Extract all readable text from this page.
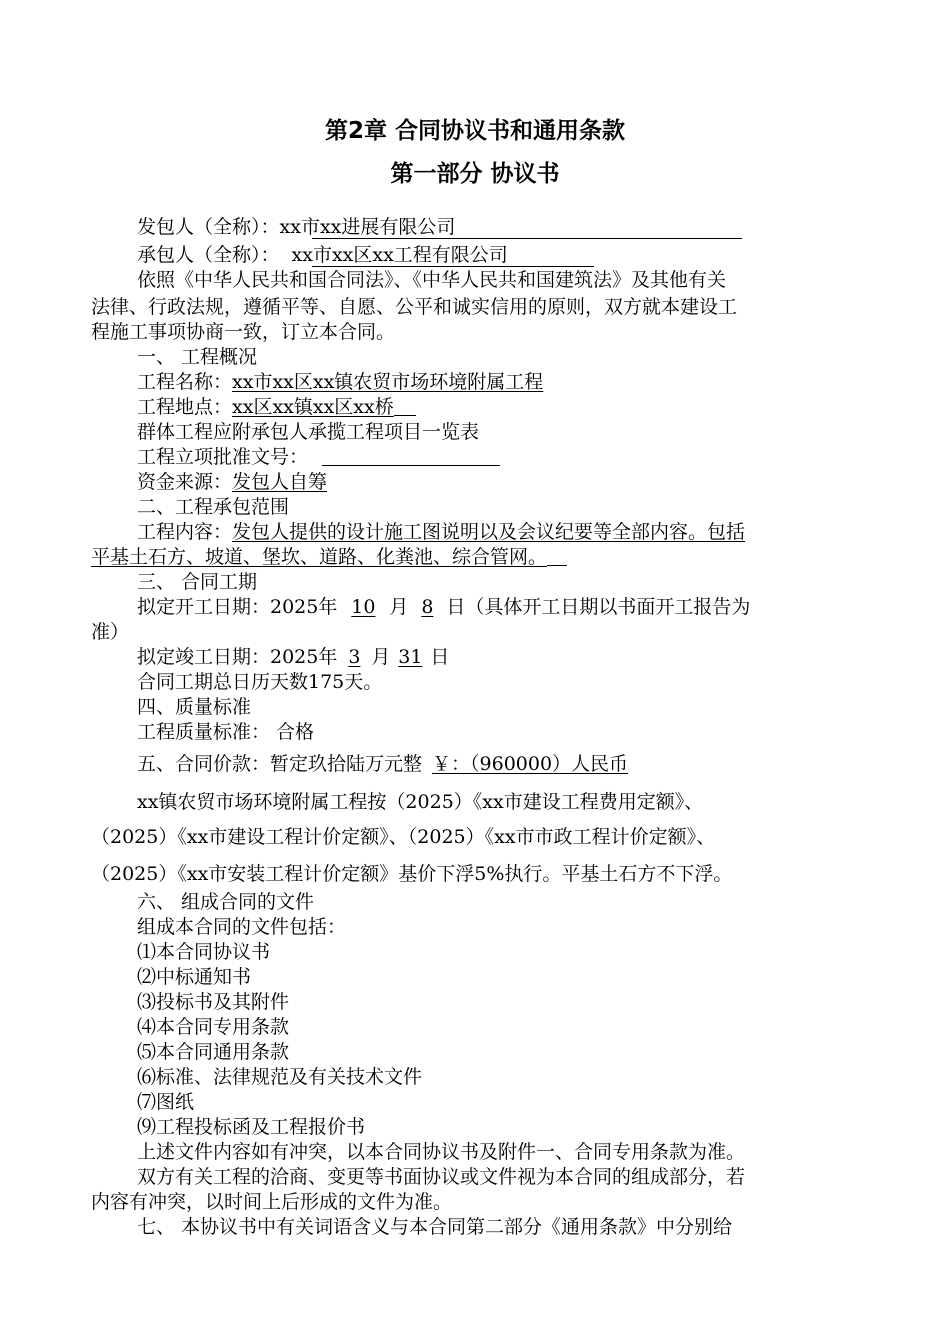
第2章 合同协议书和通用条款
第一部分 协议书
发包人（全称）：xx市xx进展有限公司
承包人（全称）： xx市xx区xx工程有限公司
依照《中华人民共和国合同法》、《中华人民共和国建筑法》及其他有关
法律、行政法规，遵循平等、自愿、公平和诚实信用的原则，双方就本建设工
程施工事项协商一致，订立本合同。
一、 工程概况
工程名称：xx市xx区xx镇农贸市场环境附属工程
工程地点：xx区xx镇xx区xx桥
群体工程应附承包人承揽工程项目一览表
工程立项批准文号：
资金来源：发包人自筹
二、工程承包范围
工程内容：发包人提供的设计施工图说明以及会议纪要等全部内容。包括
平基土石方、坡道、堡坎、道路、化粪池、综合管网。
三、 合同工期
拟定开工日期：2025年 10 月 8 日（具体开工日期以书面开工报告为
准）
拟定竣工日期：2025年 3 月 31 日
合同工期总日历天数175天。
四、质量标准
工程质量标准： 合格
五、合同价款：暂定玖拾陆万元整 ￥：（960000）人民币
xx镇农贸市场环境附属工程按（2025）《xx市建设工程费用定额》、
（2025）《xx市建设工程计价定额》、（2025）《xx市市政工程计价定额》、
（2025）《xx市安装工程计价定额》基价下浮5%执行。平基土石方不下浮。
六、 组成合同的文件
组成本合同的文件包括：
⑴本合同协议书
⑵中标通知书
⑶投标书及其附件
⑷本合同专用条款
⑸本合同通用条款
⑹标准、法律规范及有关技术文件
⑺图纸
⑼工程投标函及工程报价书
上述文件内容如有冲突，以本合同协议书及附件一、合同专用条款为准。
双方有关工程的洽商、变更等书面协议或文件视为本合同的组成部分，若
内容有冲突，以时间上后形成的文件为准。
七、 本协议书中有关词语含义与本合同第二部分《通用条款》中分别给
